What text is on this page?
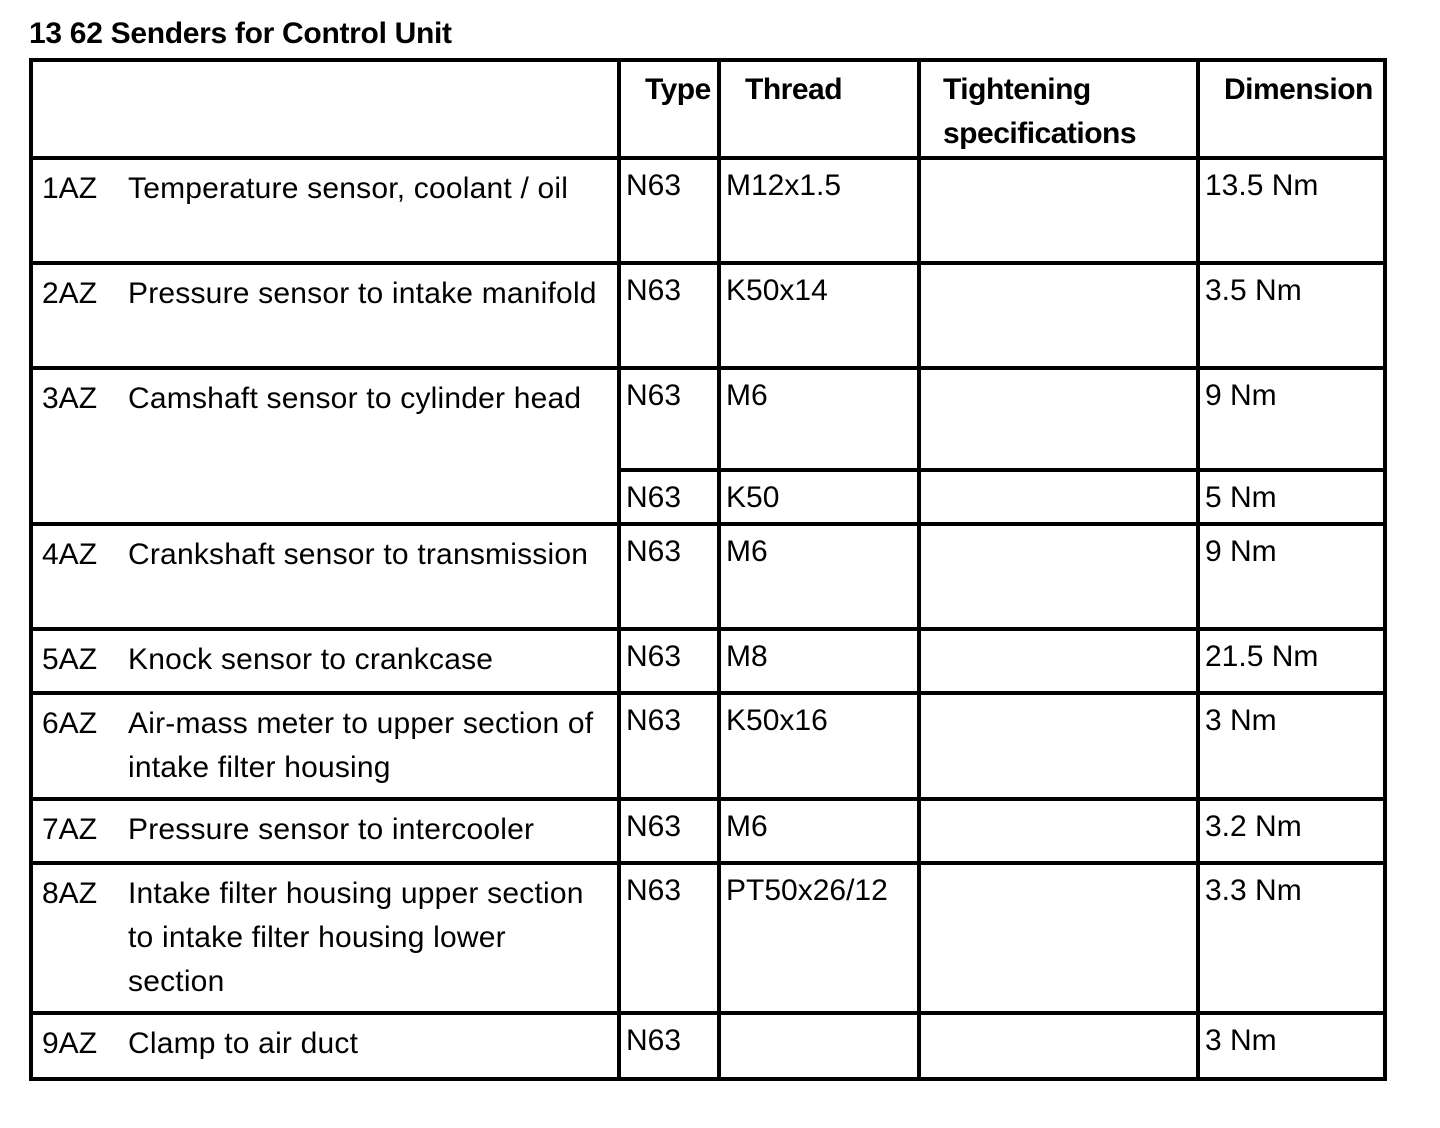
13 62 Senders for Control Unit
	Type	Thread	Tightening specifications	Dimension

1AZ Temperature sensor, coolant / oil	N63	M12x1.5		13.5 Nm

2AZ Pressure sensor to intake manifold	N63	K50x14		3.5 Nm

3AZ Camshaft sensor to cylinder head	N63	M6		9 Nm
	N63	K50		5 Nm

4AZ Crankshaft sensor to transmission	N63	M6		9 Nm

5AZ Knock sensor to crankcase	N63	M8		21.5 Nm

6AZ Air-mass meter to upper section of intake filter housing	N63	K50x16		3 Nm

7AZ Pressure sensor to intercooler	N63	M6		3.2 Nm

8AZ Intake filter housing upper section to intake filter housing lower section	N63	PT50x26/12		3.3 Nm

9AZ Clamp to air duct	N63			3 Nm
